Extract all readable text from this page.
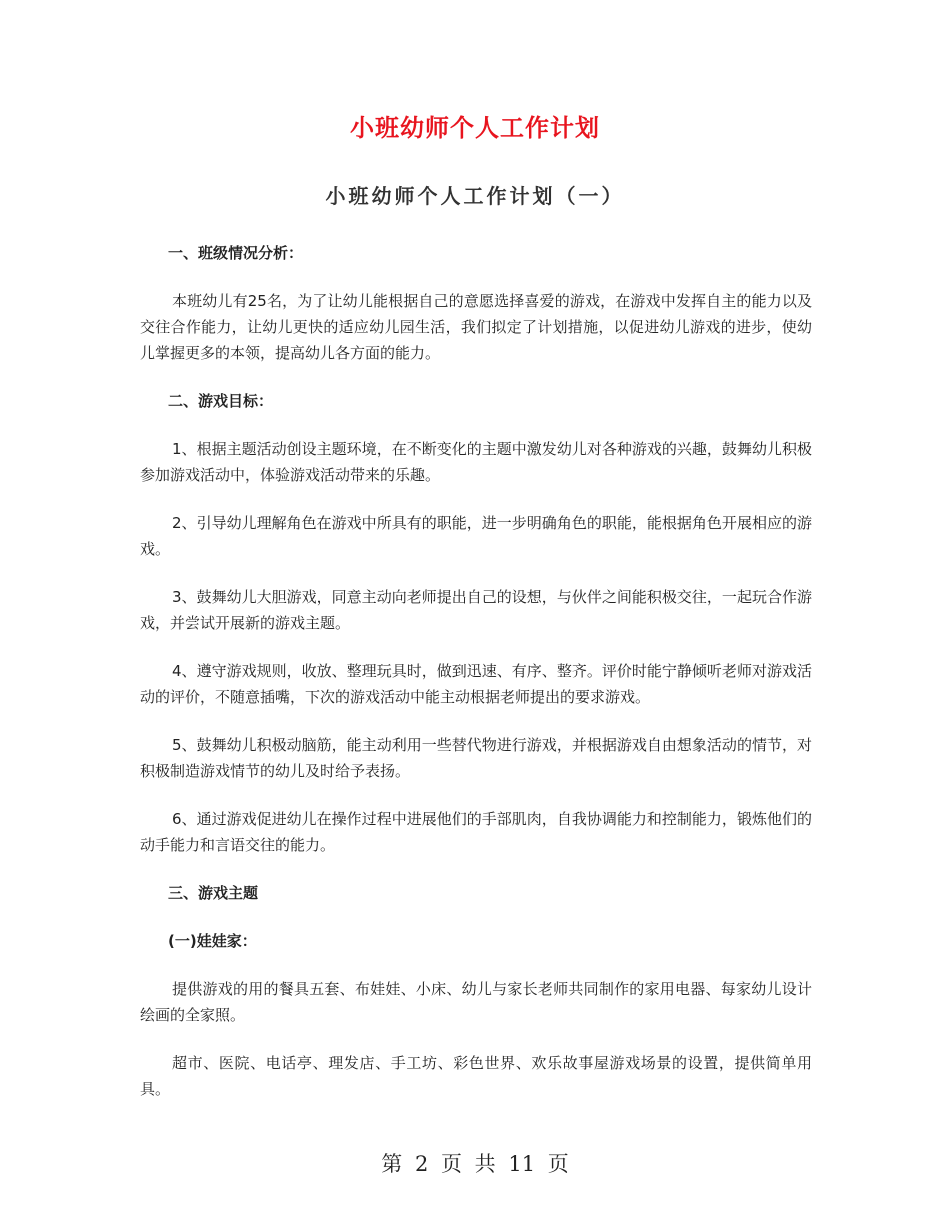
小班幼师个人工作计划
小班幼师个人工作计划（一）

一、班级情况分析：

本班幼儿有25名，为了让幼儿能根据自己的意愿选择喜爱的游戏，在游戏中发挥自主的能力以及交往合作能力，让幼儿更快的适应幼儿园生活，我们拟定了计划措施，以促进幼儿游戏的进步，使幼儿掌握更多的本领，提高幼儿各方面的能力。

二、游戏目标：

1、根据主题活动创设主题环境，在不断变化的主题中激发幼儿对各种游戏的兴趣，鼓舞幼儿积极参加游戏活动中，体验游戏活动带来的乐趣。

2、引导幼儿理解角色在游戏中所具有的职能，进一步明确角色的职能，能根据角色开展相应的游戏。

3、鼓舞幼儿大胆游戏，同意主动向老师提出自己的设想，与伙伴之间能积极交往，一起玩合作游戏，并尝试开展新的游戏主题。

4、遵守游戏规则，收放、整理玩具时，做到迅速、有序、整齐。评价时能宁静倾听老师对游戏活动的评价，不随意插嘴，下次的游戏活动中能主动根据老师提出的要求游戏。

5、鼓舞幼儿积极动脑筋，能主动利用一些替代物进行游戏，并根据游戏自由想象活动的情节，对积极制造游戏情节的幼儿及时给予表扬。

6、通过游戏促进幼儿在操作过程中进展他们的手部肌肉，自我协调能力和控制能力，锻炼他们的动手能力和言语交往的能力。

三、游戏主题

(一)娃娃家：

提供游戏的用的餐具五套、布娃娃、小床、幼儿与家长老师共同制作的家用电器、每家幼儿设计绘画的全家照。

超市、医院、电话亭、理发店、手工坊、彩色世界、欢乐故事屋游戏场景的设置，提供简单用具。

第 2 页 共 11 页
